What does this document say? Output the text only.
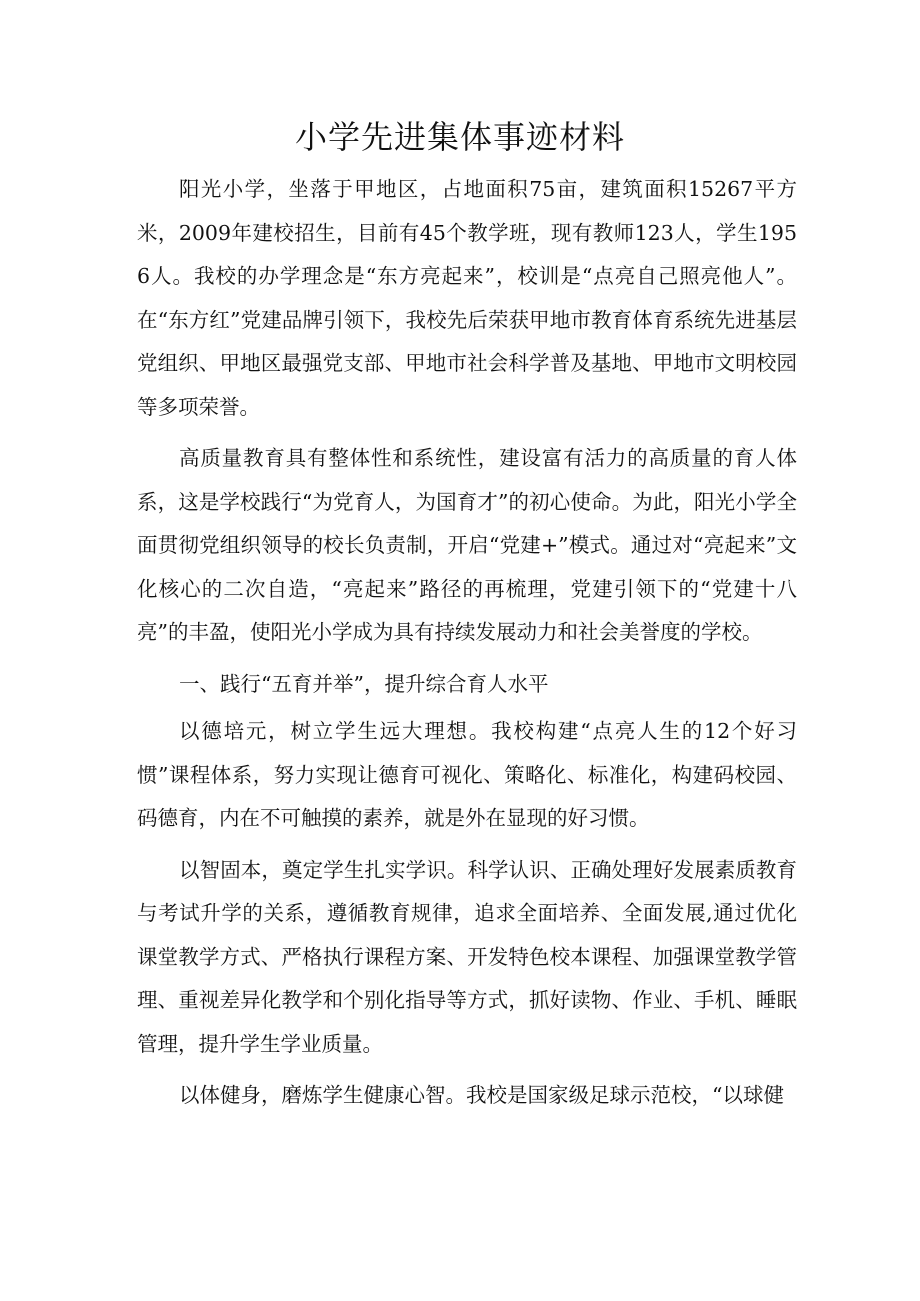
小学先进集体事迹材料

阳光小学，坐落于甲地区，占地面积75亩，建筑面积15267平方米，2009年建校招生，目前有45个教学班，现有教师123人，学生1956人。我校的办学理念是“东方亮起来”，校训是“点亮自己照亮他人”。在“东方红”党建品牌引领下，我校先后荣获甲地市教育体育系统先进基层党组织、甲地区最强党支部、甲地市社会科学普及基地、甲地市文明校园等多项荣誉。

高质量教育具有整体性和系统性，建设富有活力的高质量的育人体系，这是学校践行“为党育人，为国育才”的初心使命。为此，阳光小学全面贯彻党组织领导的校长负责制，开启“党建+”模式。通过对“亮起来”文化核心的二次自造，“亮起来”路径的再梳理，党建引领下的“党建十八亮”的丰盈，使阳光小学成为具有持续发展动力和社会美誉度的学校。

一、践行“五育并举”，提升综合育人水平

以德培元，树立学生远大理想。我校构建“点亮人生的12个好习惯”课程体系，努力实现让德育可视化、策略化、标准化，构建码校园、码德育，内在不可触摸的素养，就是外在显现的好习惯。

以智固本，奠定学生扎实学识。科学认识、正确处理好发展素质教育与考试升学的关系，遵循教育规律，追求全面培养、全面发展,通过优化课堂教学方式、严格执行课程方案、开发特色校本课程、加强课堂教学管理、重视差异化教学和个别化指导等方式，抓好读物、作业、手机、睡眠管理，提升学生学业质量。

以体健身，磨炼学生健康心智。我校是国家级足球示范校，“以球健
